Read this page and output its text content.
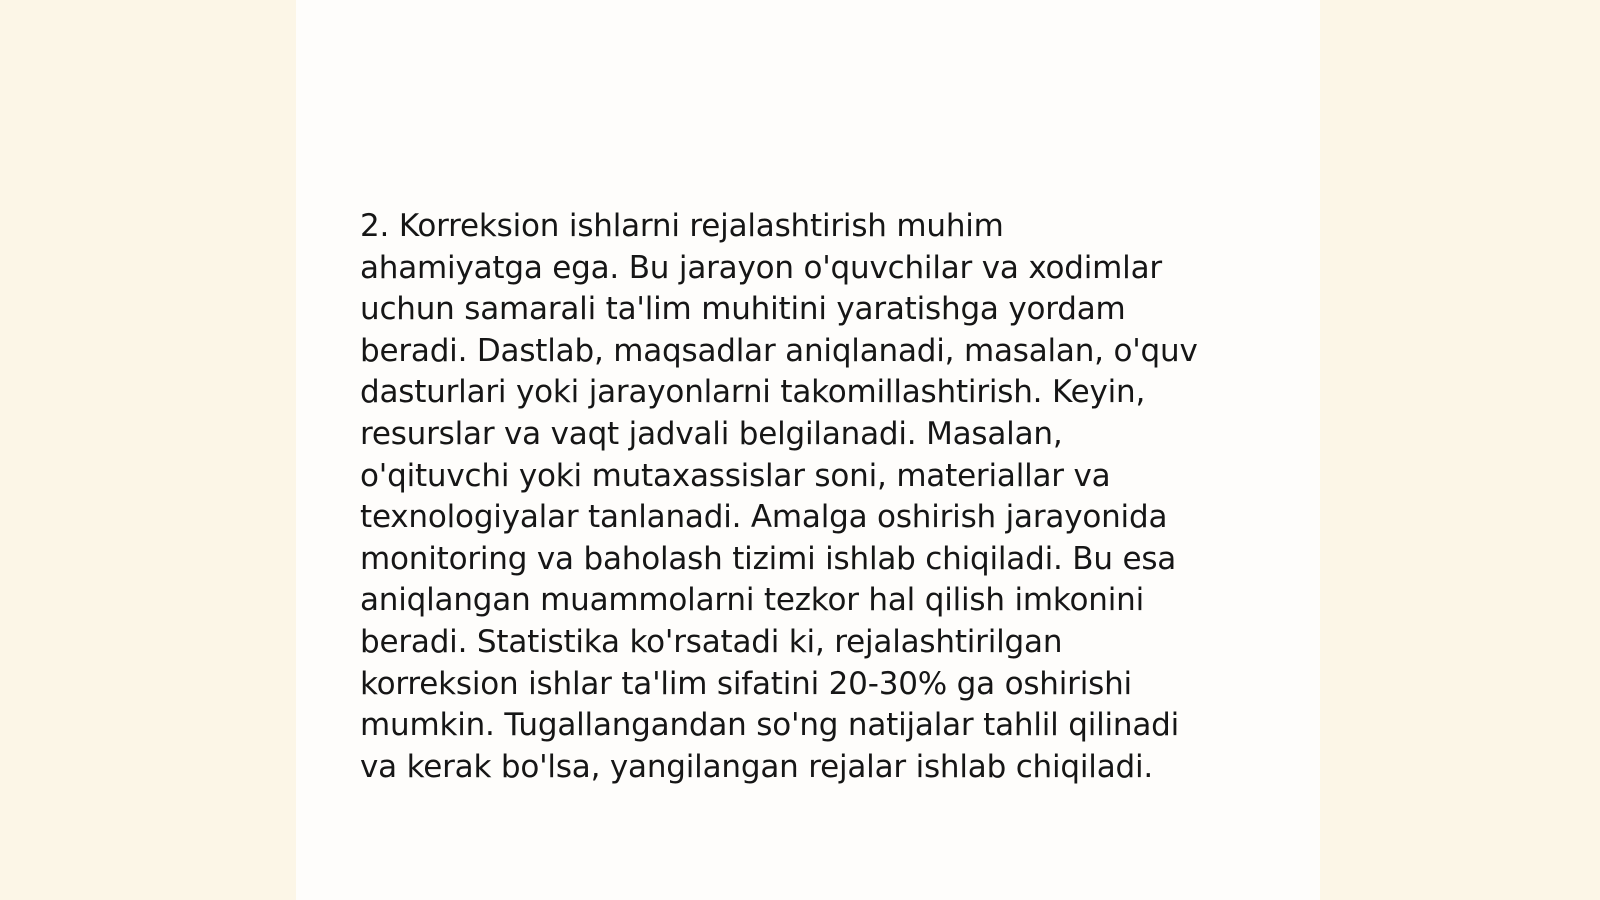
2. Korreksion ishlarni rejalashtirish muhim
ahamiyatga ega. Bu jarayon o'quvchilar va xodimlar
uchun samarali ta'lim muhitini yaratishga yordam
beradi. Dastlab, maqsadlar aniqlanadi, masalan, o'quv
dasturlari yoki jarayonlarni takomillashtirish. Keyin,
resurslar va vaqt jadvali belgilanadi. Masalan,
o'qituvchi yoki mutaxassislar soni, materiallar va
texnologiyalar tanlanadi. Amalga oshirish jarayonida
monitoring va baholash tizimi ishlab chiqiladi. Bu esa
aniqlangan muammolarni tezkor hal qilish imkonini
beradi. Statistika ko'rsatadi ki, rejalashtirilgan
korreksion ishlar ta'lim sifatini 20-30% ga oshirishi
mumkin. Tugallangandan so'ng natijalar tahlil qilinadi
va kerak bo'lsa, yangilangan rejalar ishlab chiqiladi.
